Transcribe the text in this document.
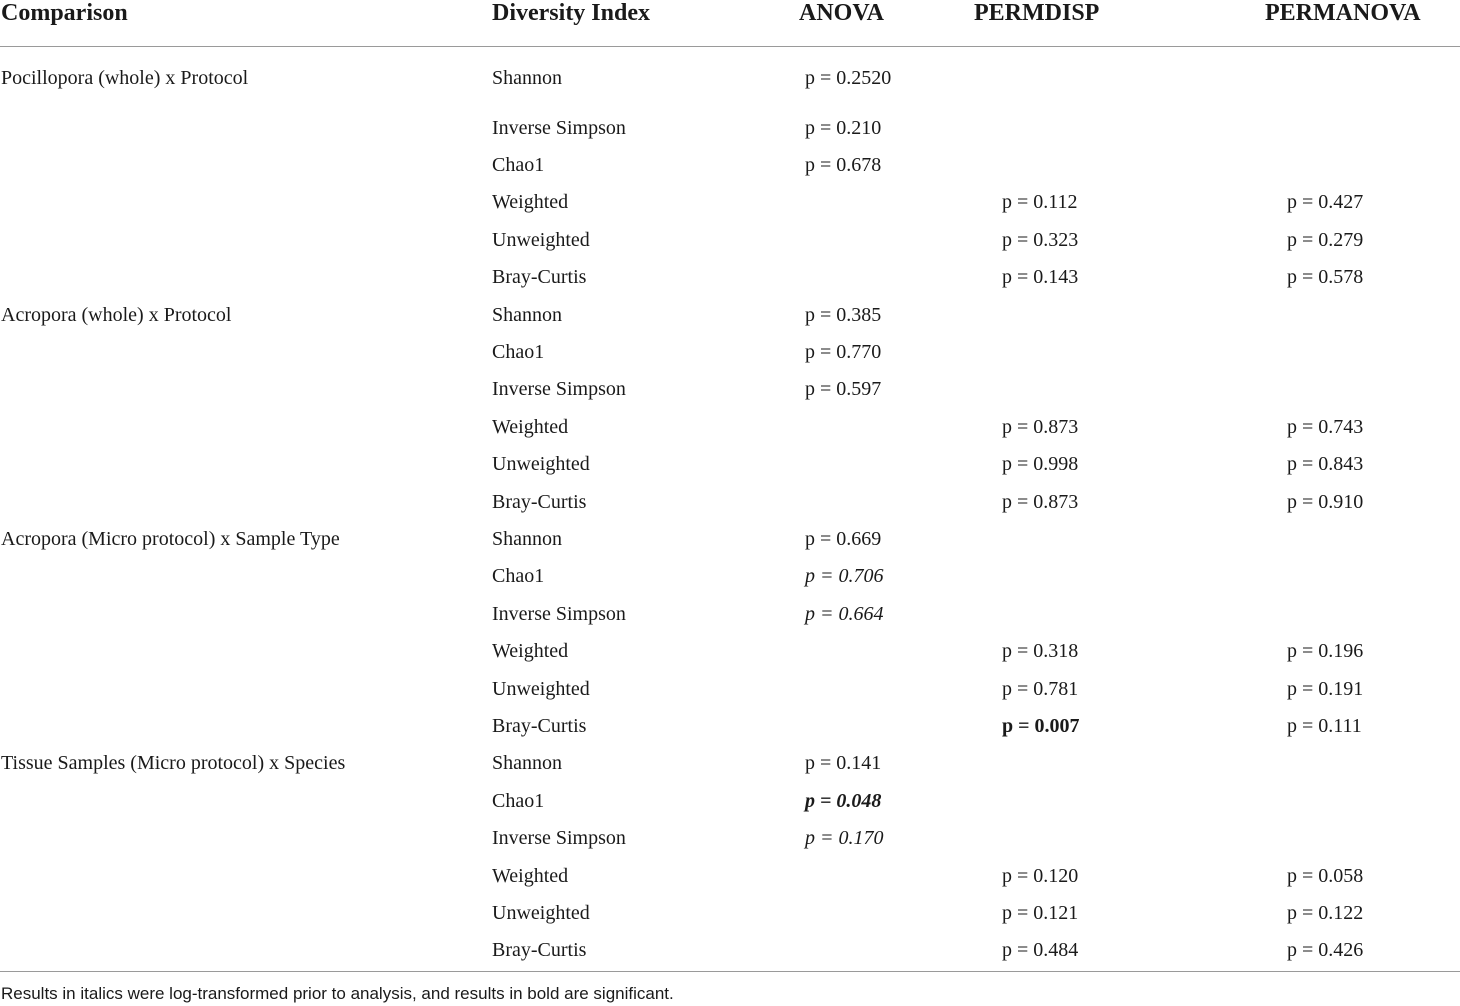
Comparison	Diversity Index	ANOVA	PERMDISP	PERMANOVA
Pocillopora (whole) x Protocol	Shannon	p = 0.2520		
	Inverse Simpson	p = 0.210		
	Chao1	p = 0.678		
	Weighted		p = 0.112	p = 0.427
	Unweighted		p = 0.323	p = 0.279
	Bray-Curtis		p = 0.143	p = 0.578
Acropora (whole) x Protocol	Shannon	p = 0.385		
	Chao1	p = 0.770		
	Inverse Simpson	p = 0.597		
	Weighted		p = 0.873	p = 0.743
	Unweighted		p = 0.998	p = 0.843
	Bray-Curtis		p = 0.873	p = 0.910
Acropora (Micro protocol) x Sample Type	Shannon	p = 0.669		
	Chao1	p = 0.706		
	Inverse Simpson	p = 0.664		
	Weighted		p = 0.318	p = 0.196
	Unweighted		p = 0.781	p = 0.191
	Bray-Curtis		p = 0.007	p = 0.111
Tissue Samples (Micro protocol) x Species	Shannon	p = 0.141		
	Chao1	p = 0.048		
	Inverse Simpson	p = 0.170		
	Weighted		p = 0.120	p = 0.058
	Unweighted		p = 0.121	p = 0.122
	Bray-Curtis		p = 0.484	p = 0.426
Results in italics were log-transformed prior to analysis, and results in bold are significant.
